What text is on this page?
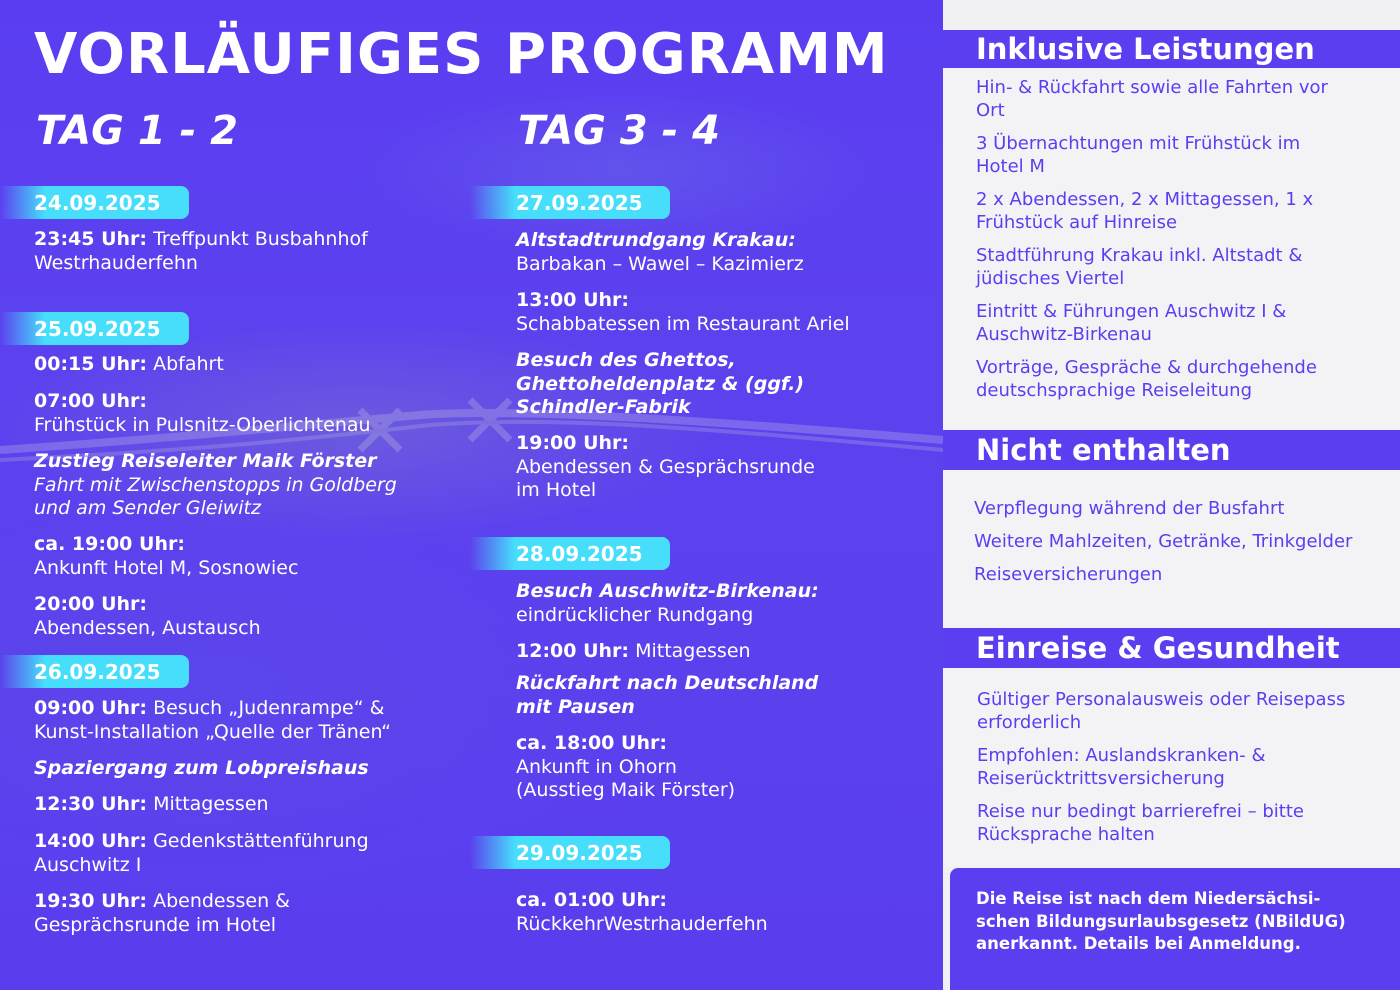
VORLÄUFIGES PROGRAMM
TAG 1 - 2	TAG 3 - 4
24.09.2025
23:45 Uhr: Treffpunkt Busbahnhof
Westrhauderfehn
25.09.2025
00:15 Uhr: Abfahrt
07:00 Uhr:
Frühstück in Pulsnitz-Oberlichtenau
Zustieg Reiseleiter Maik Förster
Fahrt mit Zwischenstopps in Goldberg
und am Sender Gleiwitz
ca. 19:00 Uhr:
Ankunft Hotel M, Sosnowiec
20:00 Uhr:
Abendessen, Austausch
26.09.2025
09:00 Uhr: Besuch „Judenrampe“ &
Kunst-Installation „Quelle der Tränen“
Spaziergang zum Lobpreishaus
12:30 Uhr: Mittagessen
14:00 Uhr: Gedenkstättenführung
Auschwitz I
19:30 Uhr: Abendessen &
Gesprächsrunde im Hotel
27.09.2025
Altstadtrundgang Krakau:
Barbakan – Wawel – Kazimierz
13:00 Uhr:
Schabbatessen im Restaurant Ariel
Besuch des Ghettos,
Ghettoheldenplatz & (ggf.)
Schindler-Fabrik
19:00 Uhr:
Abendessen & Gesprächsrunde
im Hotel
28.09.2025
Besuch Auschwitz-Birkenau:
eindrücklicher Rundgang
12:00 Uhr: Mittagessen
Rückfahrt nach Deutschland
mit Pausen
ca. 18:00 Uhr:
Ankunft in Ohorn
(Ausstieg Maik Förster)
29.09.2025
ca. 01:00 Uhr:
RückkehrWestrhauderfehn
Inklusive Leistungen
Hin- & Rückfahrt sowie alle Fahrten vor
Ort
3 Übernachtungen mit Frühstück im
Hotel M
2 x Abendessen, 2 x Mittagessen, 1 x
Frühstück auf Hinreise
Stadtführung Krakau inkl. Altstadt &
jüdisches Viertel
Eintritt & Führungen Auschwitz I &
Auschwitz-Birkenau
Vorträge, Gespräche & durchgehende
deutschsprachige Reiseleitung
Nicht enthalten
Verpflegung während der Busfahrt
Weitere Mahlzeiten, Getränke, Trinkgelder
Reiseversicherungen
Einreise & Gesundheit
Gültiger Personalausweis oder Reisepass
erforderlich
Empfohlen: Auslandskranken- &
Reiserücktrittsversicherung
Reise nur bedingt barrierefrei – bitte
Rücksprache halten
Die Reise ist nach dem Niedersächsi-
schen Bildungsurlaubsgesetz (NBildUG)
anerkannt. Details bei Anmeldung.
